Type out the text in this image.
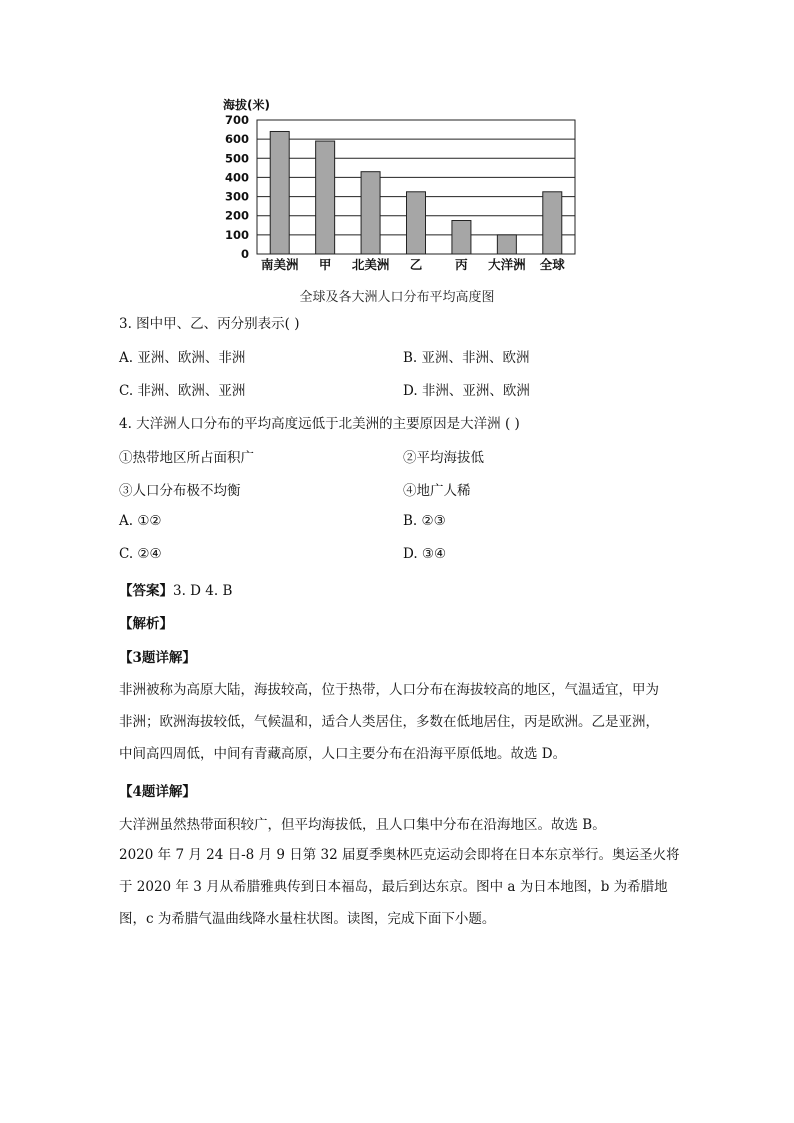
海拔(米)
0
100
200
300
400
500
600
700
南美洲 甲 北美洲 乙	丙 大洋洲 全球
全球及各大洲人口分布平均高度图
3. 图中甲、乙、丙分别表示( )
A. 亚洲、欧洲、非洲	B. 亚洲、非洲、欧洲
C. 非洲、欧洲、亚洲	D. 非洲、亚洲、欧洲
4. 大洋洲人口分布的平均高度远低于北美洲的主要原因是大洋洲 ( )
①热带地区所占面积广	②平均海拔低
③人口分布极不均衡	④地广人稀
A. ①②	B. ②③
C. ②④	D. ③④
【答案】3. D 4. B
【解析】
【3题详解】
非洲被称为高原大陆，海拔较高，位于热带，人口分布在海拔较高的地区，气温适宜，甲为
非洲；欧洲海拔较低，气候温和，适合人类居住，多数在低地居住，丙是欧洲。乙是亚洲，
中间高四周低，中间有青藏高原，人口主要分布在沿海平原低地。故选 D。
【4题详解】
大洋洲虽然热带面积较广，但平均海拔低，且人口集中分布在沿海地区。故选 B。
2020 年 7 月 24 日-8 月 9 日第 32 届夏季奥林匹克运动会即将在日本东京举行。奥运圣火将
于 2020 年 3 月从希腊雅典传到日本福岛，最后到达东京。图中 a 为日本地图，b 为希腊地
图，c 为希腊气温曲线降水量柱状图。读图，完成下面下小题。
